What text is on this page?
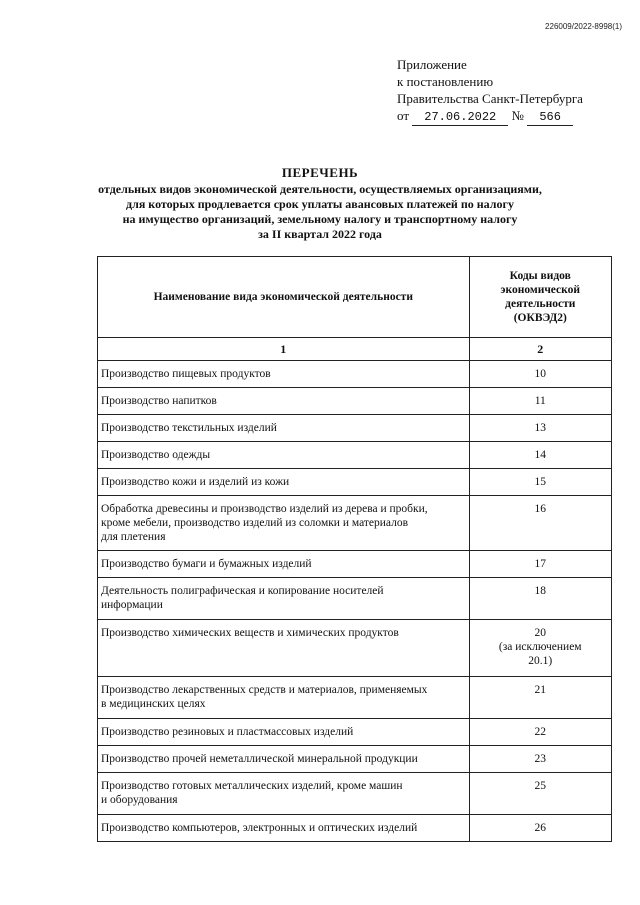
226009/2022-8998(1)
Приложение
к постановлению
Правительства Санкт-Петербурга
от 27.06.2022 № 566
ПЕРЕЧЕНЬ
отдельных видов экономической деятельности, осуществляемых организациями,
для которых продлевается срок уплаты авансовых платежей по налогу
на имущество организаций, земельному налогу и транспортному налогу
за II квартал 2022 года
Наименование вида экономической деятельности	Коды видов
экономической
деятельности
(ОКВЭД2)

1	2
Производство пищевых продуктов	10
Производство напитков	11
Производство текстильных изделий	13
Производство одежды	14
Производство кожи и изделий из кожи	15

Обработка древесины и производство изделий из дерева и пробки,
кроме мебели, производство изделий из соломки и материалов
для плетения	16
Производство бумаги и бумажных изделий	17

Деятельность полиграфическая и копирование носителей
информации	18
Производство химических веществ и химических продуктов	20
(за исключением
20.1)

Производство лекарственных средств и материалов, применяемых
в медицинских целях	21
Производство резиновых и пластмассовых изделий	22
Производство прочей неметаллической минеральной продукции	23

Производство готовых металлических изделий, кроме машин
и оборудования	25
Производство компьютеров, электронных и оптических изделий	26
